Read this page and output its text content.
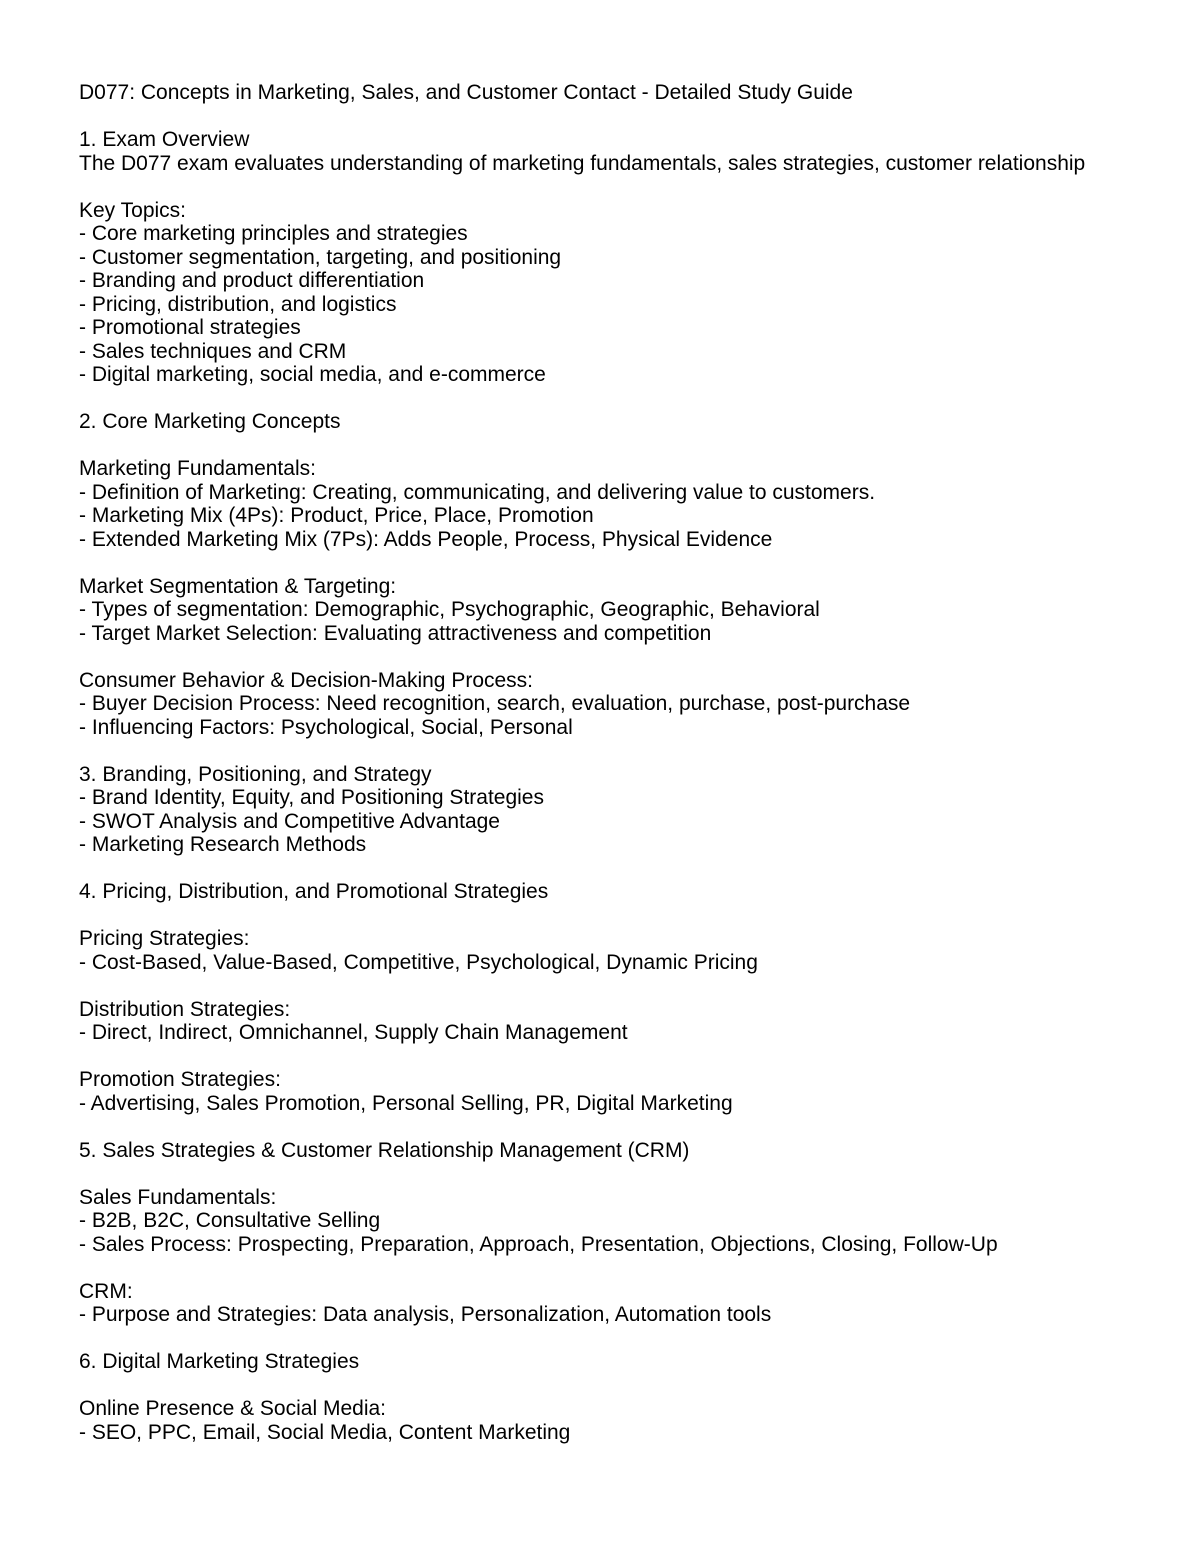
D077: Concepts in Marketing, Sales, and Customer Contact - Detailed Study Guide
1. Exam Overview
The D077 exam evaluates understanding of marketing fundamentals, sales strategies, customer relationship
Key Topics:
- Core marketing principles and strategies
- Customer segmentation, targeting, and positioning
- Branding and product differentiation
- Pricing, distribution, and logistics
- Promotional strategies
- Sales techniques and CRM
- Digital marketing, social media, and e-commerce
2. Core Marketing Concepts
Marketing Fundamentals:
- Definition of Marketing: Creating, communicating, and delivering value to customers.
- Marketing Mix (4Ps): Product, Price, Place, Promotion
- Extended Marketing Mix (7Ps): Adds People, Process, Physical Evidence
Market Segmentation & Targeting:
- Types of segmentation: Demographic, Psychographic, Geographic, Behavioral
- Target Market Selection: Evaluating attractiveness and competition
Consumer Behavior & Decision-Making Process:
- Buyer Decision Process: Need recognition, search, evaluation, purchase, post-purchase
- Influencing Factors: Psychological, Social, Personal
3. Branding, Positioning, and Strategy
- Brand Identity, Equity, and Positioning Strategies
- SWOT Analysis and Competitive Advantage
- Marketing Research Methods
4. Pricing, Distribution, and Promotional Strategies
Pricing Strategies:
- Cost-Based, Value-Based, Competitive, Psychological, Dynamic Pricing
Distribution Strategies:
- Direct, Indirect, Omnichannel, Supply Chain Management
Promotion Strategies:
- Advertising, Sales Promotion, Personal Selling, PR, Digital Marketing
5. Sales Strategies & Customer Relationship Management (CRM)
Sales Fundamentals:
- B2B, B2C, Consultative Selling
- Sales Process: Prospecting, Preparation, Approach, Presentation, Objections, Closing, Follow-Up
CRM:
- Purpose and Strategies: Data analysis, Personalization, Automation tools
6. Digital Marketing Strategies
Online Presence & Social Media:
- SEO, PPC, Email, Social Media, Content Marketing
